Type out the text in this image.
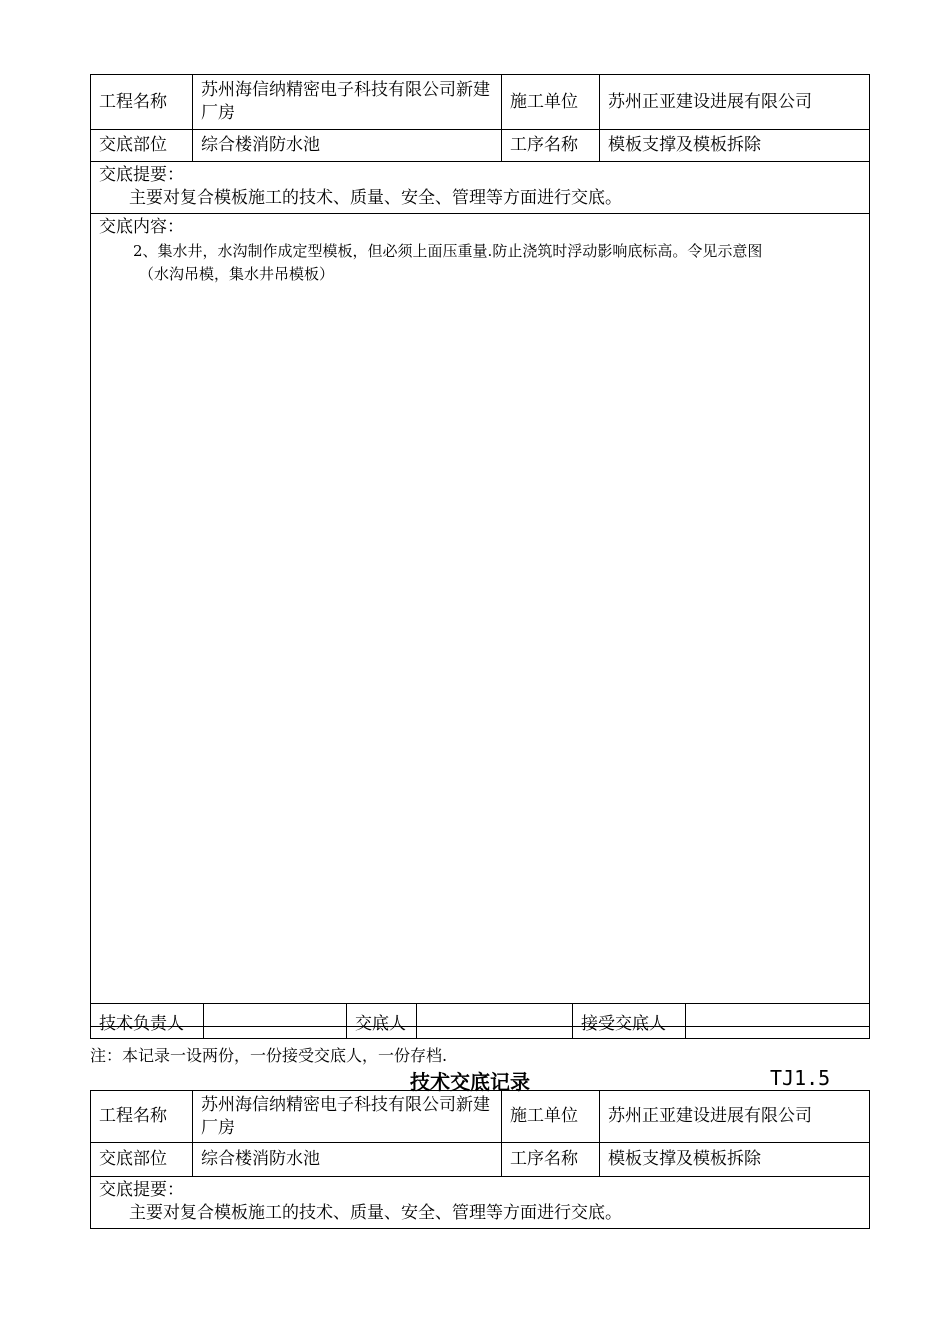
工程名称	苏州海信纳精密电子科技有限公司新建厂房	施工单位	苏州正亚建设进展有限公司
交底部位	综合楼消防水池	工序名称	模板支撑及模板拆除

交底提要：
主要对复合模板施工的技术、质量、安全、管理等方面进行交底。			

交底内容：
2、集水井，水沟制作成定型模板，但必须上面压重量.防止浇筑时浮动影响底标高。令见示意图
（水沟吊模，集水井吊模板）			
技术负责人		交底人		接受交底人	
注：本记录一设两份，一份接受交底人，一份存档.
技术交底记录	TJ1.5
工程名称	苏州海信纳精密电子科技有限公司新建厂房	施工单位	苏州正亚建设进展有限公司
交底部位	综合楼消防水池	工序名称	模板支撑及模板拆除

交底提要：
主要对复合模板施工的技术、质量、安全、管理等方面进行交底。			
